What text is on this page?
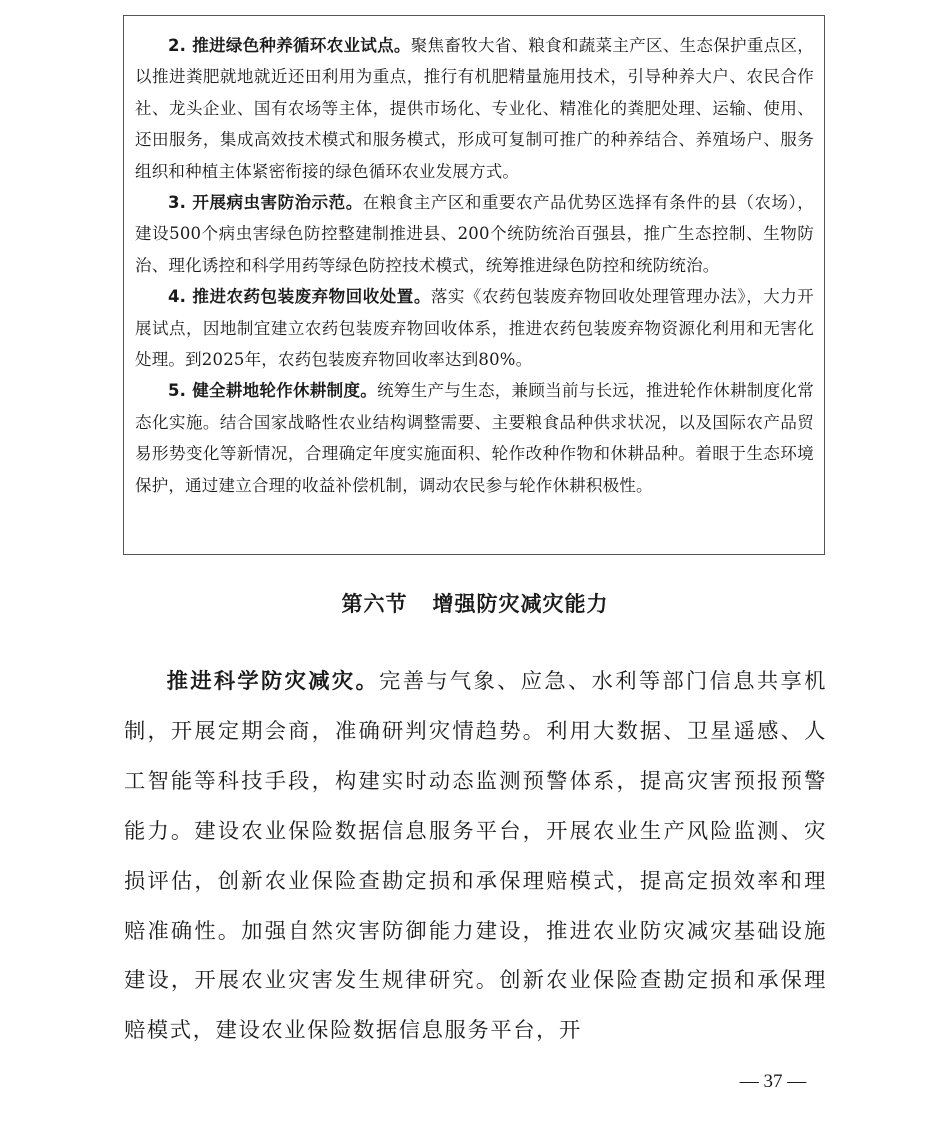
2. 推进绿色种养循环农业试点。聚焦畜牧大省、粮食和蔬菜主产区、生态保护重点区，以推进粪肥就地就近还田利用为重点，推行有机肥精量施用技术，引导种养大户、农民合作社、龙头企业、国有农场等主体，提供市场化、专业化、精准化的粪肥处理、运输、使用、还田服务，集成高效技术模式和服务模式，形成可复制可推广的种养结合、养殖场户、服务组织和种植主体紧密衔接的绿色循环农业发展方式。

3. 开展病虫害防治示范。在粮食主产区和重要农产品优势区选择有条件的县（农场），建设500个病虫害绿色防控整建制推进县、200个统防统治百强县，推广生态控制、生物防治、理化诱控和科学用药等绿色防控技术模式，统筹推进绿色防控和统防统治。

4. 推进农药包装废弃物回收处置。落实《农药包装废弃物回收处理管理办法》，大力开展试点，因地制宜建立农药包装废弃物回收体系，推进农药包装废弃物资源化利用和无害化处理。到2025年，农药包装废弃物回收率达到80%。

5. 健全耕地轮作休耕制度。统筹生产与生态，兼顾当前与长远，推进轮作休耕制度化常态化实施。结合国家战略性农业结构调整需要、主要粮食品种供求状况，以及国际农产品贸易形势变化等新情况，合理确定年度实施面积、轮作改种作物和休耕品种。着眼于生态环境保护，通过建立合理的收益补偿机制，调动农民参与轮作休耕积极性。

第六节   增强防灾减灾能力

推进科学防灾减灾。完善与气象、应急、水利等部门信息共享机制，开展定期会商，准确研判灾情趋势。利用大数据、卫星遥感、人工智能等科技手段，构建实时动态监测预警体系，提高灾害预报预警能力。建设农业保险数据信息服务平台，开展农业生产风险监测、灾损评估，创新农业保险查勘定损和承保理赔模式，提高定损效率和理赔准确性。加强自然灾害防御能力建设，推进农业防灾减灾基础设施建设，开展农业灾害发生规律研究。创新农业保险查勘定损和承保理赔模式，建设农业保险数据信息服务平台，开

— 37 —
